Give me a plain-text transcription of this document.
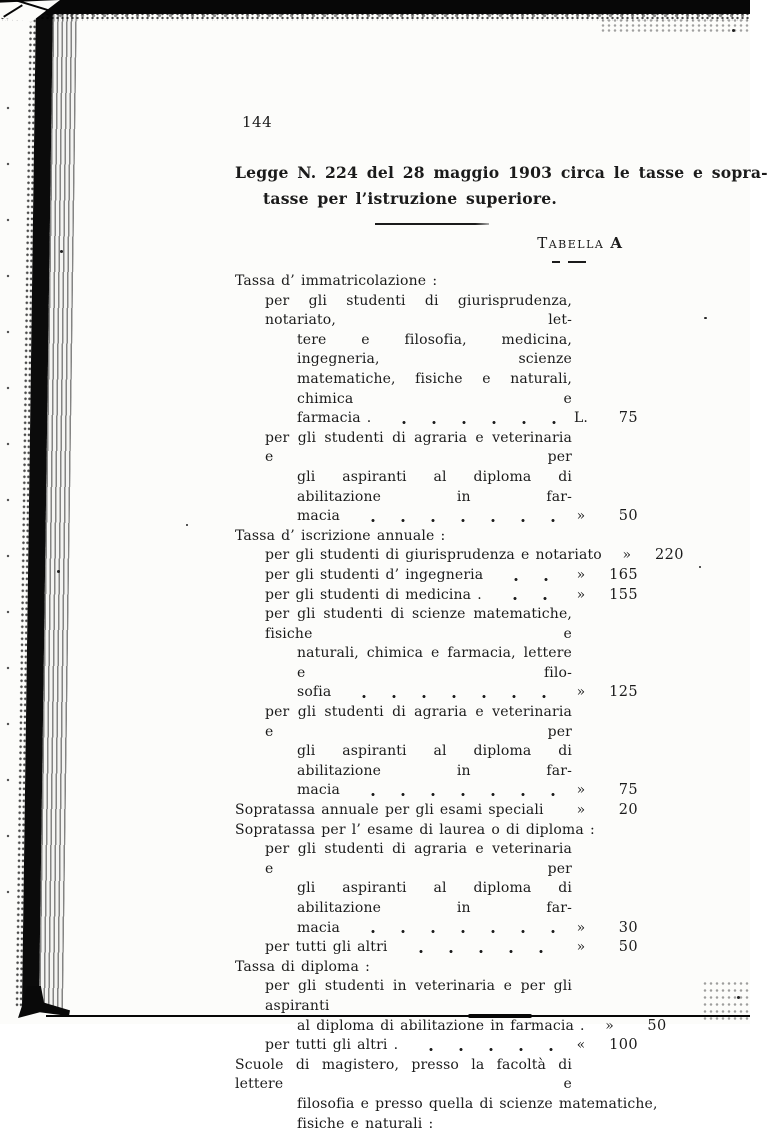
144
Legge N. 224 del 28 maggio 1903 circa le tasse e sopra-
tasse per l’istruzione superiore.
Tabella A
Tassa d’ immatricolazione :
per gli studenti di giurisprudenza, notariato, let-
tere e filosofia, medicina, ingegneria, scienze
matematiche, fisiche e naturali, chimica e
farmacia .	L.	75
per gli studenti di agraria e veterinaria e per
gli aspiranti al diploma di abilitazione in far-
macia	»	50
Tassa d’ iscrizione annuale :
per gli studenti di giurisprudenza e notariato	»	220
per gli studenti d’ ingegneria	»	165
per gli studenti di medicina .	»	155
per gli studenti di scienze matematiche, fisiche e
naturali, chimica e farmacia, lettere e filo-
sofia	»	125
per gli studenti di agraria e veterinaria e per
gli aspiranti al diploma di abilitazione in far-
macia	»	75
Sopratassa annuale per gli esami speciali	»	20
Sopratassa per l’ esame di laurea o di diploma :
per gli studenti di agraria e veterinaria e per
gli aspiranti al diploma di abilitazione in far-
macia	»	30
per tutti gli altri	»	50
Tassa di diploma :
per gli studenti in veterinaria e per gli aspiranti
al diploma di abilitazione in farmacia .	»	50
per tutti gli altri .	«	100
Scuole di magistero, presso la facoltà di lettere e
filosofia e presso quella di scienze matematiche,
fisiche e naturali :
